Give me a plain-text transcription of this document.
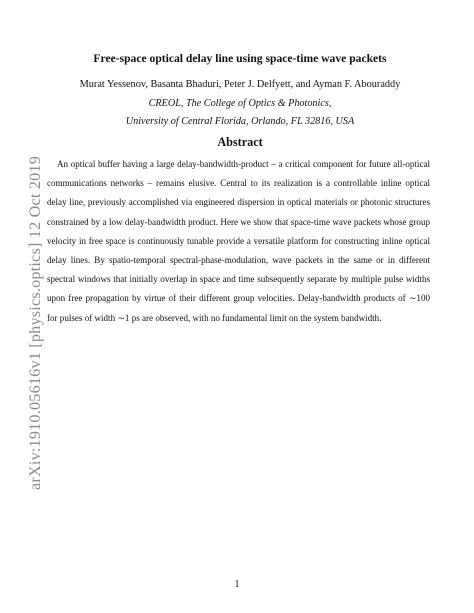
arXiv:1910.05616v1 [physics.optics] 12 Oct 2019
Free-space optical delay line using space-time wave packets

Murat Yessenov, Basanta Bhaduri, Peter J. Delfyett, and Ayman F. Abouraddy

CREOL, The College of Optics & Photonics,

University of Central Florida, Orlando, FL 32816, USA

Abstract

An optical buffer having a large delay-bandwidth-product – a critical component for future all-optical communications networks – remains elusive. Central to its realization is a controllable inline optical delay line, previously accomplished via engineered dispersion in optical materials or photonic structures constrained by a low delay-bandwidth product. Here we show that space-time wave packets whose group velocity in free space is continuously tunable provide a versatile platform for constructing inline optical delay lines. By spatio-temporal spectral-phase-modulation, wave packets in the same or in different spectral windows that initially overlap in space and time subsequently separate by multiple pulse widths upon free propagation by virtue of their different group velocities. Delay-bandwidth products of ∼100 for pulses of width ∼1 ps are observed, with no fundamental limit on the system bandwidth.

1
